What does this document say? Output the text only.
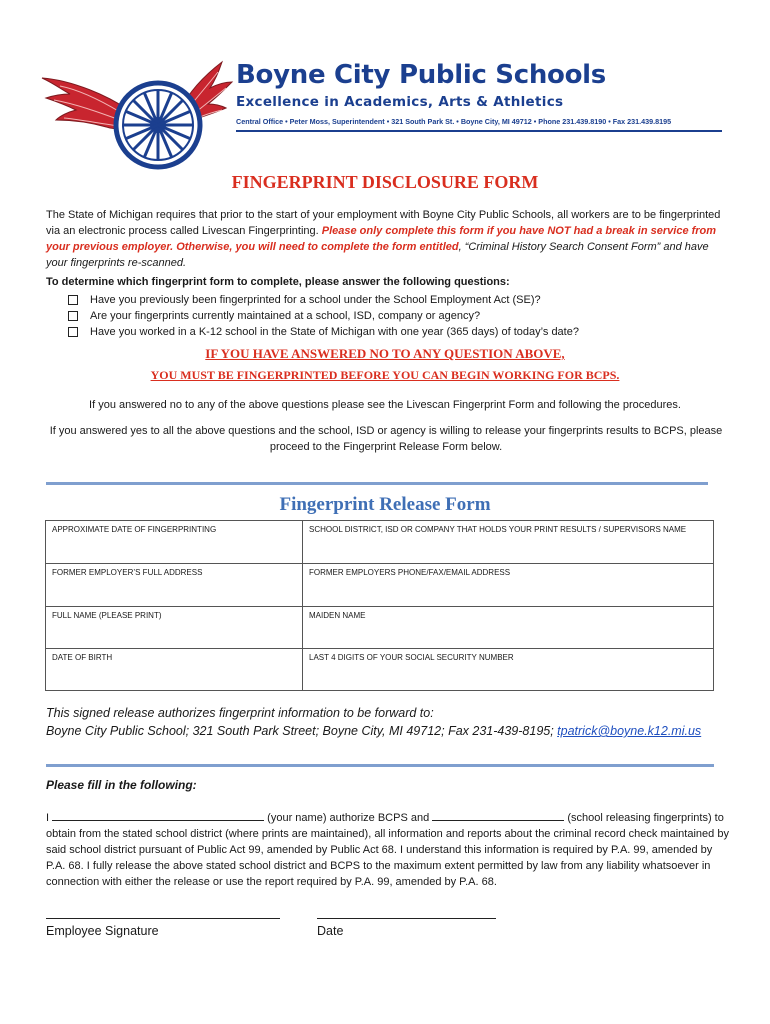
Boyne City Public Schools
Excellence in Academics, Arts & Athletics
Central Office • Peter Moss, Superintendent • 321 South Park St. • Boyne City, MI 49712 • Phone 231.439.8190 • Fax 231.439.8195
FINGERPRINT DISCLOSURE FORM
The State of Michigan requires that prior to the start of your employment with Boyne City Public Schools, all workers are to be fingerprinted via an electronic process called Livescan Fingerprinting. Please only complete this form if you have NOT had a break in service from your previous employer. Otherwise, you will need to complete the form entitled, “Criminal History Search Consent Form” and have your fingerprints re-scanned.
To determine which fingerprint form to complete, please answer the following questions:
Have you previously been fingerprinted for a school under the School Employment Act (SE)?
Are your fingerprints currently maintained at a school, ISD, company or agency?
Have you worked in a K-12 school in the State of Michigan with one year (365 days) of today’s date?
IF YOU HAVE ANSWERED NO TO ANY QUESTION ABOVE,
YOU MUST BE FINGERPRINTED BEFORE YOU CAN BEGIN WORKING FOR BCPS.
If you answered no to any of the above questions please see the Livescan Fingerprint Form and following the procedures.
If you answered yes to all the above questions and the school, ISD or agency is willing to release your fingerprints results to BCPS, please proceed to the Fingerprint Release Form below.
Fingerprint Release Form
APPROXIMATE DATE OF FINGERPRINTING	SCHOOL DISTRICT, ISD OR COMPANY THAT HOLDS YOUR PRINT RESULTS / SUPERVISORS NAME
FORMER EMPLOYER’S FULL ADDRESS	FORMER EMPLOYERS PHONE/FAX/EMAIL ADDRESS
FULL NAME (PLEASE PRINT)	MAIDEN NAME
DATE OF BIRTH	LAST 4 DIGITS OF YOUR SOCIAL SECURITY NUMBER
This signed release authorizes fingerprint information to be forward to:
Boyne City Public School; 321 South Park Street; Boyne City, MI 49712; Fax 231-439-8195; tpatrick@boyne.k12.mi.us
Please fill in the following:
I	(your name) authorize BCPS and	(school releasing fingerprints) to obtain from the stated school district (where prints are maintained), all information and reports about the criminal record check maintained by said school district pursuant of Public Act 99, amended by Public Act 68. I understand this information is required by P.A. 99, amended by P.A. 68. I fully release the above stated school district and BCPS to the maximum extent permitted by law from any liability whatsoever in connection with either the release or use the report required by P.A. 99, amended by P.A. 68.
Employee Signature	Date
